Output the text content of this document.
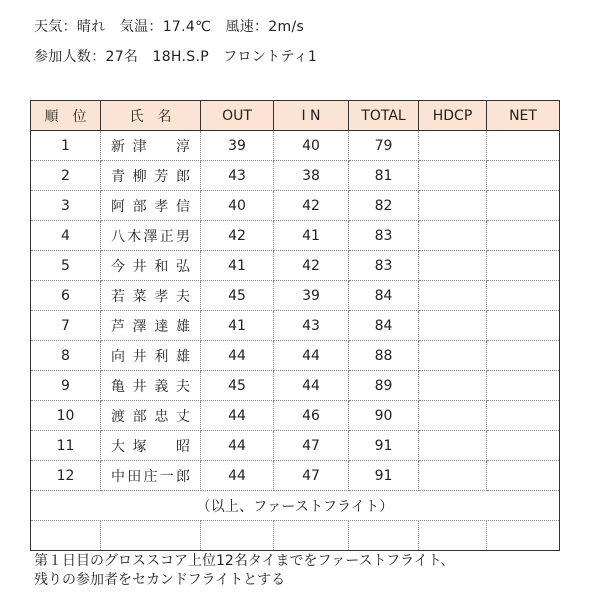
天気：晴れ　気温：17.4℃　風速：2m/s

参加人数：27名　18H.S.P　フロントティ1

順　位	氏　名	OUT	I N	TOTAL	HDCP	NET
1	新津　淳	39	40	79		
2	青柳芳郎	43	38	81		
3	阿部孝信	40	42	82		
4	八木澤正男	42	41	83		
5	今井和弘	41	42	83		
6	若菜孝夫	45	39	84		
7	芦澤達雄	41	43	84		
8	向井利雄	44	44	88		
9	亀井義夫	45	44	89		
10	渡部忠丈	44	46	90		
11	大塚　昭	44	47	91		
12	中田庄一郎	44	47	91		
（以上、ファーストフライト）						

第１日目のグロススコア上位12名タイまでをファーストフライト、
残りの参加者をセカンドフライトとする
